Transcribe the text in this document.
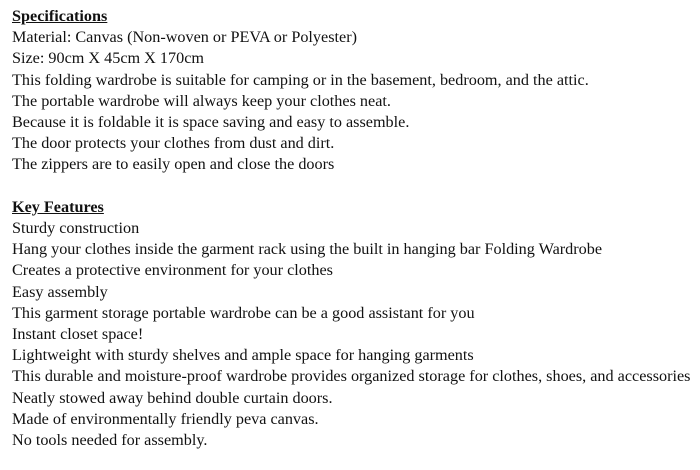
Specifications
Material: Canvas (Non-woven or PEVA or Polyester)
Size: 90cm X 45cm X 170cm
This folding wardrobe is suitable for camping or in the basement, bedroom, and the attic.
The portable wardrobe will always keep your clothes neat.
Because it is foldable it is space saving and easy to assemble.
The door protects your clothes from dust and dirt.
The zippers are to easily open and close the doors
Key Features
Sturdy construction
Hang your clothes inside the garment rack using the built in hanging bar Folding Wardrobe
Creates a protective environment for your clothes
Easy assembly
This garment storage portable wardrobe can be a good assistant for you
Instant closet space!
Lightweight with sturdy shelves and ample space for hanging garments
This durable and moisture-proof wardrobe provides organized storage for clothes, shoes, and accessories
Neatly stowed away behind double curtain doors.
Made of environmentally friendly peva canvas.
No tools needed for assembly.
